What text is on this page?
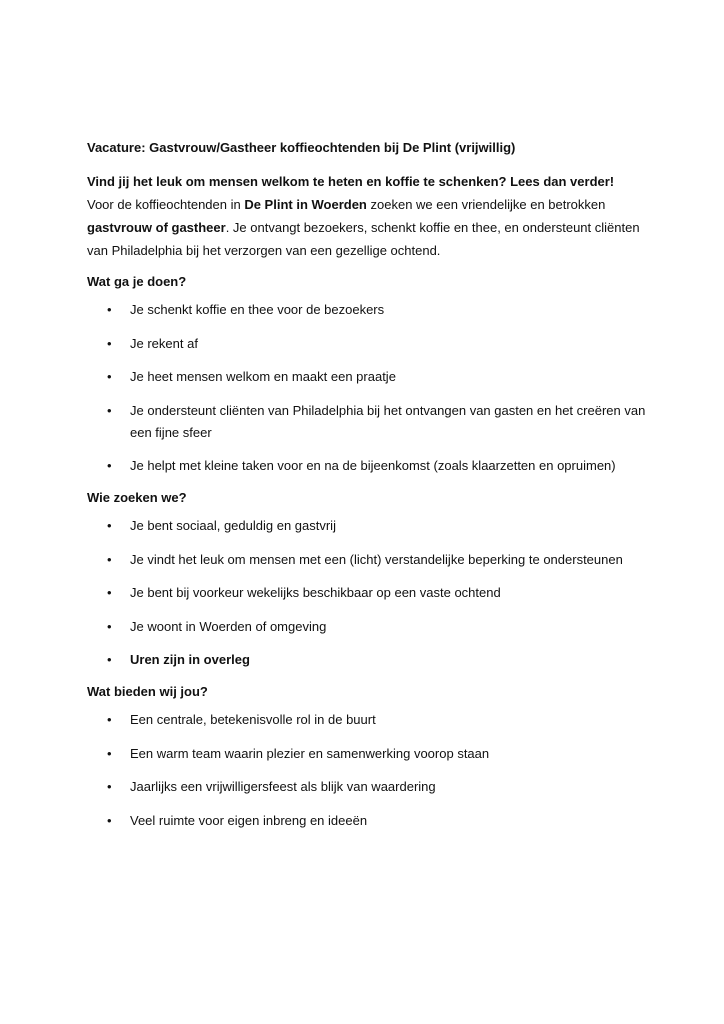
Vacature: Gastvrouw/Gastheer koffieochtenden bij De Plint (vrijwillig)

Vind jij het leuk om mensen welkom te heten en koffie te schenken? Lees dan verder!
Voor de koffieochtenden in De Plint in Woerden zoeken we een vriendelijke en betrokken
gastvrouw of gastheer. Je ontvangt bezoekers, schenkt koffie en thee, en ondersteunt cliënten van Philadelphia bij het verzorgen van een gezellige ochtend.

Wat ga je doen?
• Je schenkt koffie en thee voor de bezoekers
• Je rekent af
• Je heet mensen welkom en maakt een praatje
• Je ondersteunt cliënten van Philadelphia bij het ontvangen van gasten en het creëren van een fijne sfeer
• Je helpt met kleine taken voor en na de bijeenkomst (zoals klaarzetten en opruimen)
Wie zoeken we?
• Je bent sociaal, geduldig en gastvrij
• Je vindt het leuk om mensen met een (licht) verstandelijke beperking te ondersteunen
• Je bent bij voorkeur wekelijks beschikbaar op een vaste ochtend
• Je woont in Woerden of omgeving
• Uren zijn in overleg
Wat bieden wij jou?
• Een centrale, betekenisvolle rol in de buurt
• Een warm team waarin plezier en samenwerking voorop staan
• Jaarlijks een vrijwilligersfeest als blijk van waardering
• Veel ruimte voor eigen inbreng en ideeën
